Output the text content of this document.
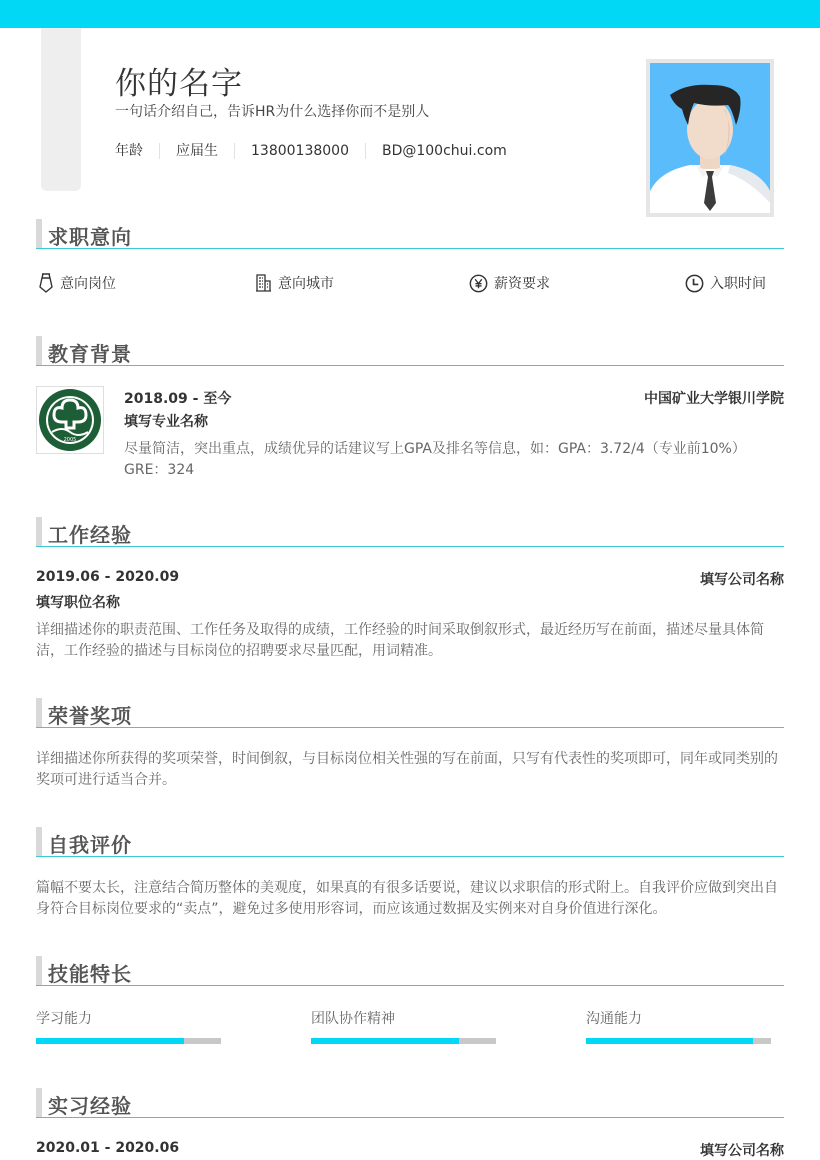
你的名字
一句话介绍自己，告诉HR为什么选择你而不是别人
年龄	应届生	13800138000	BD@100chui.com
求职意向
意向岗位	意向城市	薪资要求	入职时间
教育背景
2005
2018.09 - 至今	中国矿业大学银川学院
填写专业名称
尽量简洁，突出重点，成绩优异的话建议写上GPA及排名等信息，如：GPA：3.72/4（专业前10%） GRE：324
工作经验
2019.06 - 2020.09	填写公司名称
填写职位名称
详细描述你的职责范围、工作任务及取得的成绩，工作经验的时间采取倒叙形式，最近经历写在前面，描述尽量具体简洁，工作经验的描述与目标岗位的招聘要求尽量匹配，用词精准。
荣誉奖项
详细描述你所获得的奖项荣誉，时间倒叙，与目标岗位相关性强的写在前面，只写有代表性的奖项即可，同年或同类别的奖项可进行适当合并。
自我评价
篇幅不要太长，注意结合简历整体的美观度，如果真的有很多话要说，建议以求职信的形式附上。自我评价应做到突出自身符合目标岗位要求的“卖点”，避免过多使用形容词，而应该通过数据及实例来对自身价值进行深化。
技能特长
学习能力	团队协作精神	沟通能力
实习经验
2020.01 - 2020.06	填写公司名称
